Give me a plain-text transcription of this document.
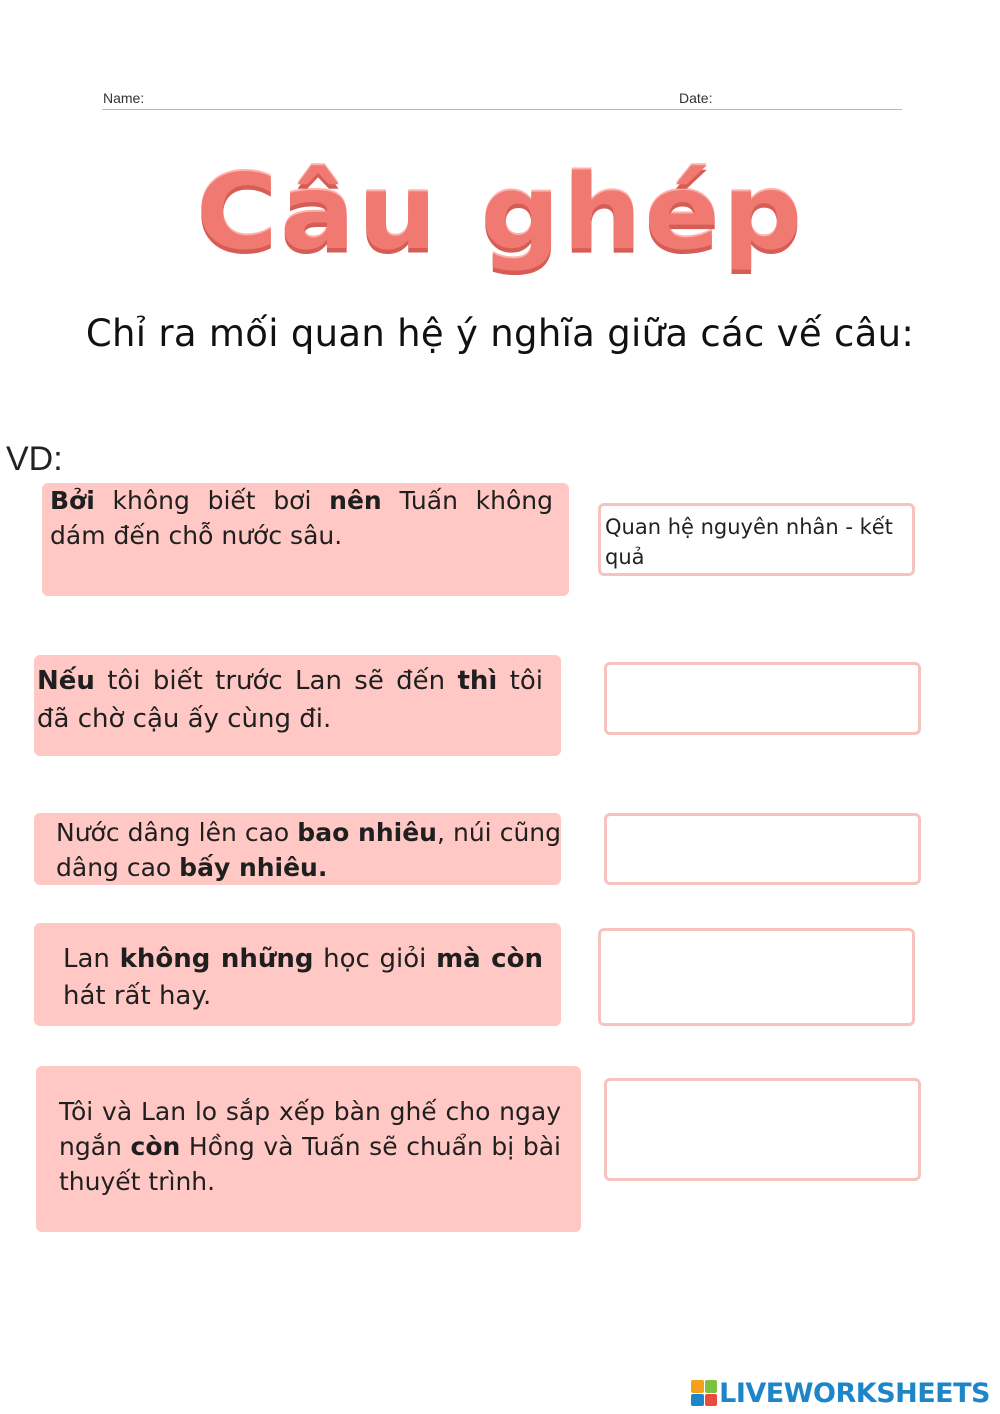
Name:	Date:
Câu ghép
Chỉ ra mối quan hệ ý nghĩa giữa các vế câu:
VD:
Bởi không biết bơi nên Tuấn không dám đến chỗ nước sâu.
Nếu tôi biết trước Lan sẽ đến thì tôi đã chờ cậu ấy cùng đi.
Nước dâng lên cao bao nhiêu, núi cũng dâng cao bấy nhiêu.
Lan không những học giỏi mà còn hát rất hay.
Tôi và Lan lo sắp xếp bàn ghế cho ngay ngắn còn Hồng và Tuấn sẽ chuẩn bị bài thuyết trình.
Quan hệ nguyên nhân - kết quả
LIVEWORKSHEETS
